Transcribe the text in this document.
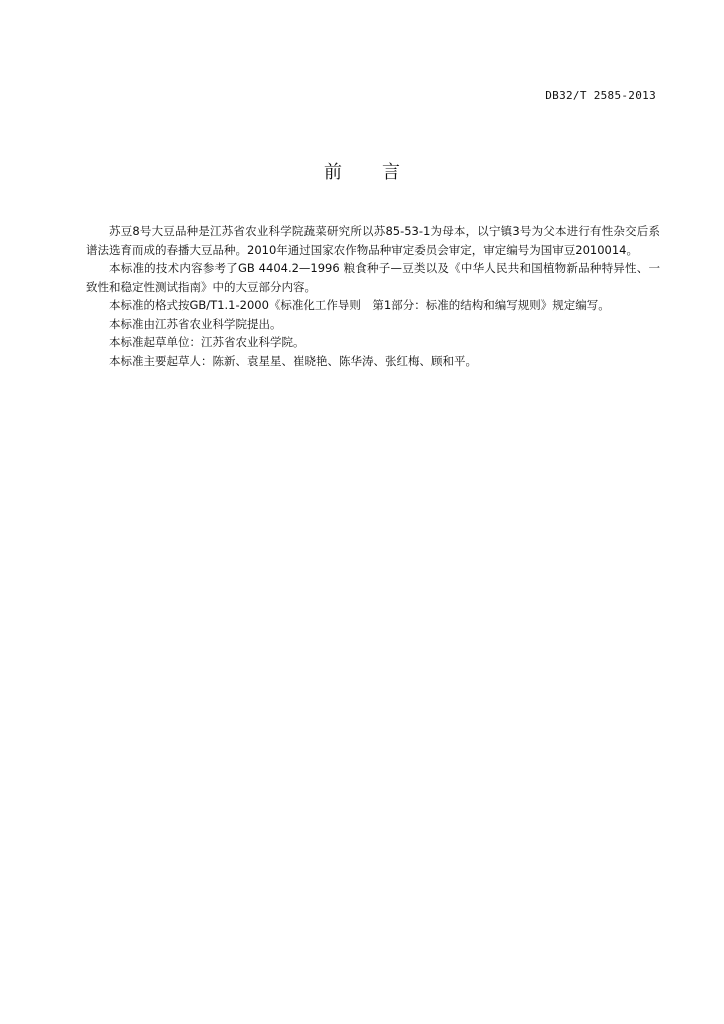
DB32/T 2585-2013
前言

苏豆8号大豆品种是江苏省农业科学院蔬菜研究所以苏85-53-1为母本，以宁镇3号为父本进行有性杂交后系谱法选育而成的春播大豆品种。2010年通过国家农作物品种审定委员会审定，审定编号为国审豆2010014。

本标准的技术内容参考了GB 4404.2—1996 粮食种子—豆类以及《中华人民共和国植物新品种特异性、一致性和稳定性测试指南》中的大豆部分内容。

本标准的格式按GB/T1.1-2000《标准化工作导则　第1部分：标准的结构和编写规则》规定编写。

本标准由江苏省农业科学院提出。

本标准起草单位：江苏省农业科学院。

本标准主要起草人：陈新、袁星星、崔晓艳、陈华涛、张红梅、顾和平。
